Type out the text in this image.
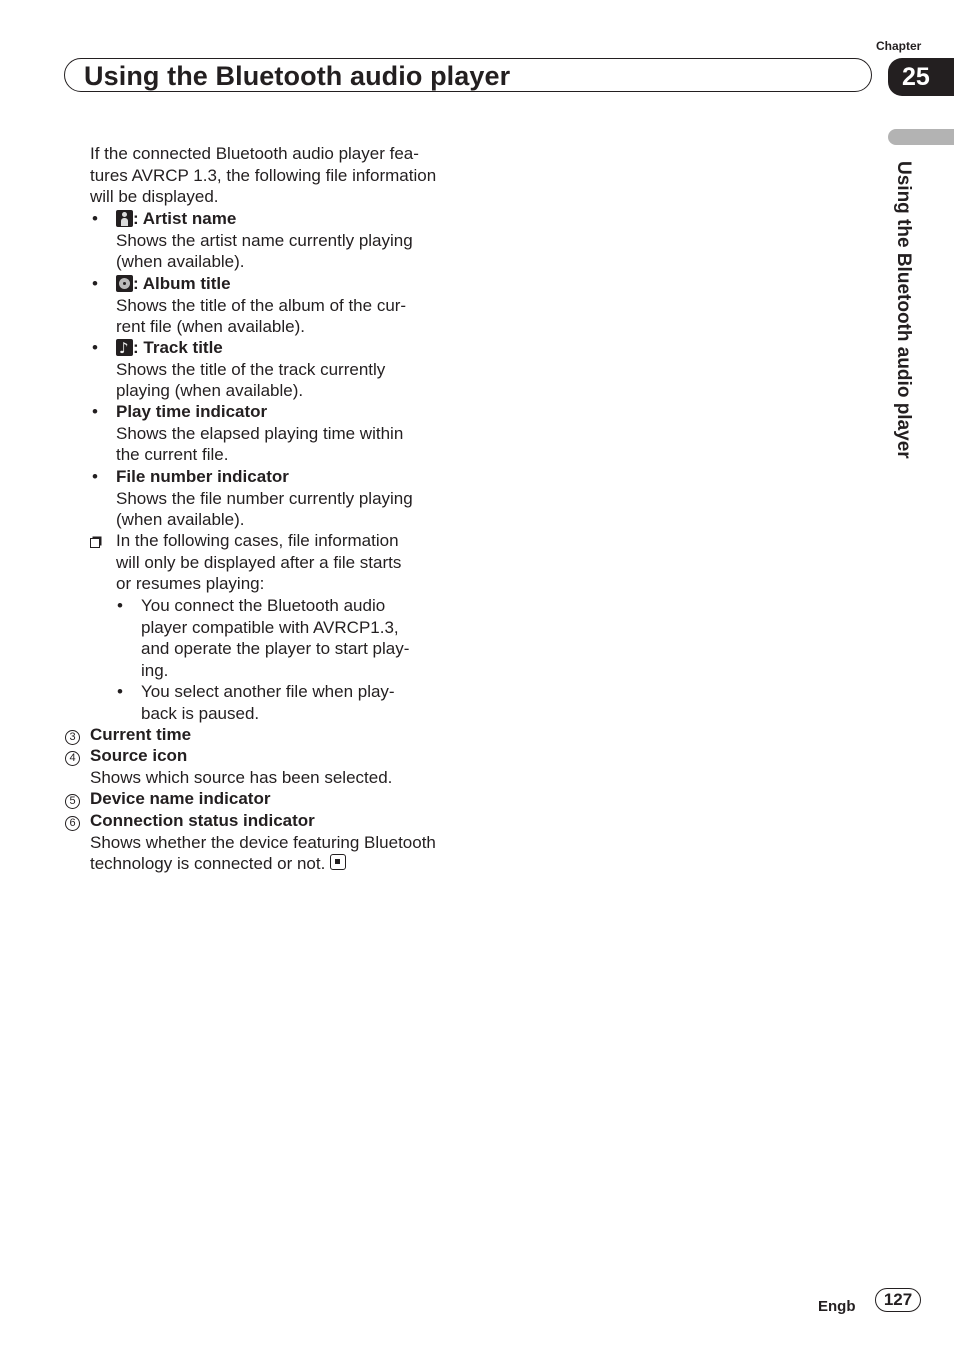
Chapter
Using the Bluetooth audio player	25
Using the Bluetooth audio player
If the connected Bluetooth audio player fea-
tures AVRCP 1.3, the following file information
will be displayed.
•	: Artist name
Shows the artist name currently playing
(when available).
•	: Album title
Shows the title of the album of the cur-
rent file (when available).
•
♪	: Track title
Shows the title of the track currently
playing (when available).
• Play time indicator
Shows the elapsed playing time within
the current file.
• File number indicator
Shows the file number currently playing
(when available).
In the following cases, file information
will only be displayed after a file starts
or resumes playing:
• You connect the Bluetooth audio
player compatible with AVRCP1.3,
and operate the player to start play-
ing.
• You select another file when play-
back is paused.
3 Current time
4 Source icon
Shows which source has been selected.
5 Device name indicator
6 Connection status indicator
Shows whether the device featuring Bluetooth
technology is connected or not.
Engb	127
